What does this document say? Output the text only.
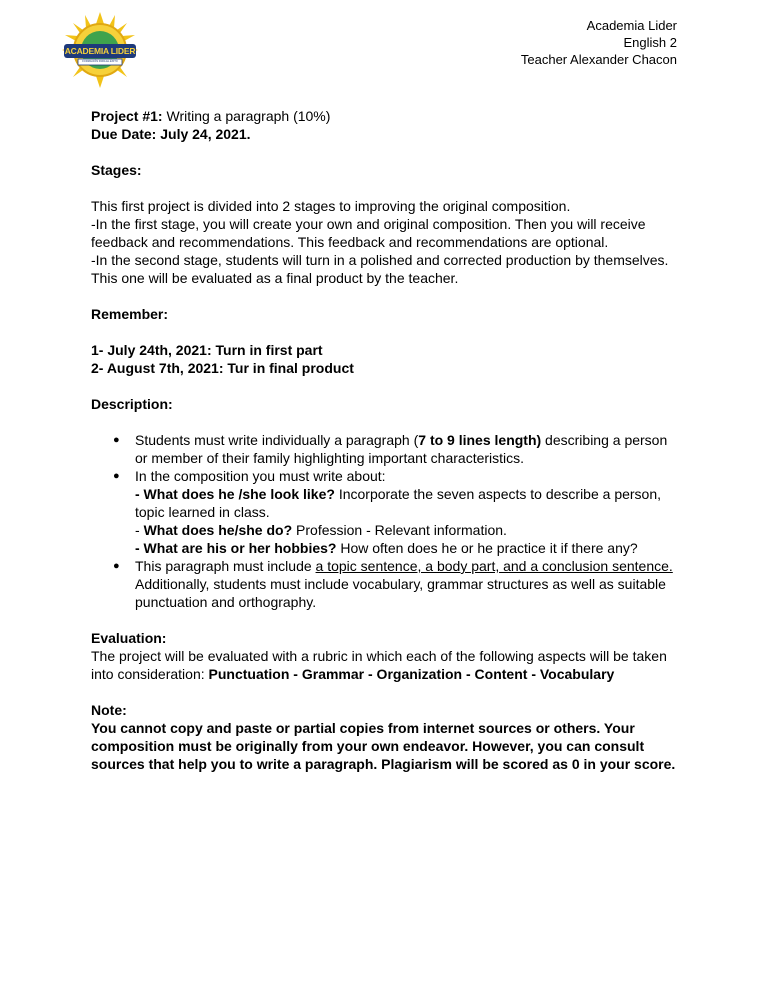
ACADEMIA LIDER
FORMACIÓN PARA EL ÉXITO
Academia Lider
English 2
Teacher Alexander Chacon

Project #1: Writing a paragraph (10%)

Due Date: July 24, 2021.

Stages:

This first project is divided into 2 stages to improving the original composition.

-In the first stage, you will create your own and original composition. Then you will receive feedback and recommendations. This feedback and recommendations are optional.

-In the second stage, students will turn in a polished and corrected production by themselves. This one will be evaluated as a final product by the teacher.

Remember:

1- July 24th, 2021: Turn in first part

2- August 7th, 2021: Tur in final product

Description:

● Students must write individually a paragraph (7 to 9 lines length) describing a person or member of their family highlighting important characteristics.
● In the composition you must write about:
- What does he /she look like? Incorporate the seven aspects to describe a person, topic learned in class.
- What does he/she do? Profession - Relevant information.
- What are his or her hobbies? How often does he or he practice it if there any?
● This paragraph must include a topic sentence, a body part, and a conclusion sentence. Additionally, students must include vocabulary, grammar structures as well as suitable punctuation and orthography.

Evaluation:

The project will be evaluated with a rubric in which each of the following aspects will be taken into consideration: Punctuation - Grammar - Organization - Content - Vocabulary

Note:

You cannot copy and paste or partial copies from internet sources or others. Your composition must be originally from your own endeavor. However, you can consult sources that help you to write a paragraph. Plagiarism will be scored as 0 in your score.
